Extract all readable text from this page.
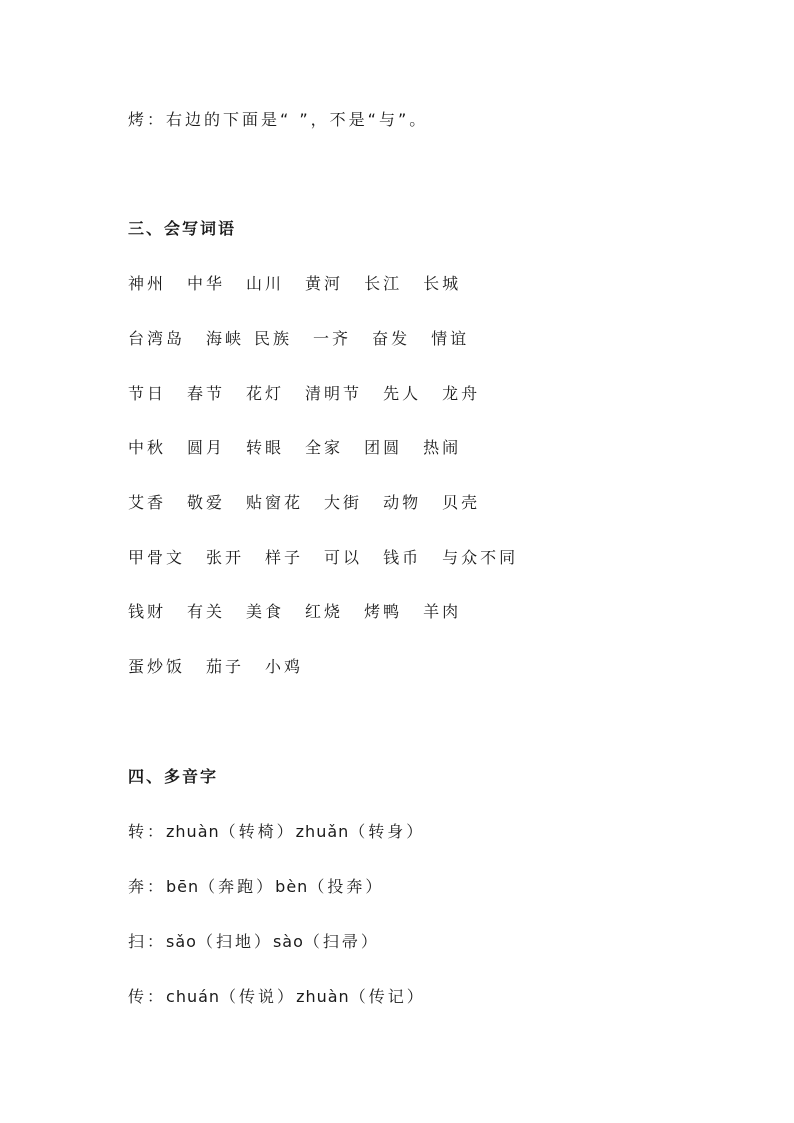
烤：右边的下面是“ ”，不是“与”。
三、会写词语
神州 中华 山川 黄河 长江 长城
台湾岛 海峡 民族 一齐 奋发 情谊
节日 春节 花灯 清明节 先人 龙舟
中秋 圆月 转眼 全家 团圆 热闹
艾香 敬爱 贴窗花 大街 动物 贝壳
甲骨文 张开 样子 可以 钱币 与众不同
钱财 有关 美食 红烧 烤鸭 羊肉
蛋炒饭 茄子 小鸡
四、多音字
转：zhuàn（转椅）zhuǎn（转身）
奔：bēn（奔跑）bèn（投奔）
扫：sǎo（扫地）sào（扫帚）
传：chuán（传说）zhuàn（传记）
